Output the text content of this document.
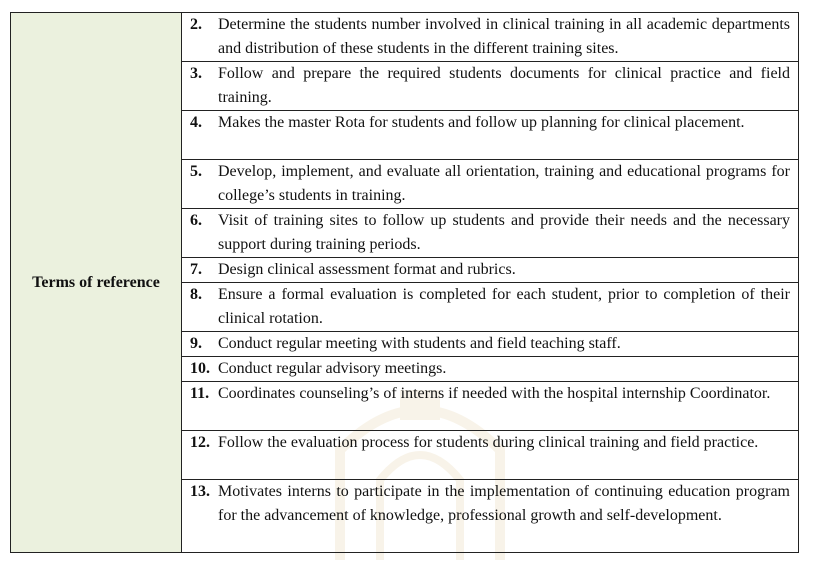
Terms of reference	
2.	Determine the students number involved in clinical training in all academic departments and distribution of these students in the different training sites.

3.	Follow and prepare the required students documents for clinical practice and field training.

4.	Makes the master Rota for students and follow up planning for clinical placement.

5.	Develop, implement, and evaluate all orientation, training and educational programs for college’s students in training.

6.	Visit of training sites to follow up students and provide their needs and the necessary support during training periods.

7.	Design clinical assessment format and rubrics.

8.	Ensure a formal evaluation is completed for each student, prior to completion of their clinical rotation.

9.	Conduct regular meeting with students and field teaching staff.

10. Conduct regular advisory meetings.

11. Coordinates counseling’s of interns if needed with the hospital internship Coordinator.

12. Follow the evaluation process for students during clinical training and field practice.

13. Motivates interns to participate in the implementation of continuing education program for the advancement of knowledge, professional growth and self-development.
